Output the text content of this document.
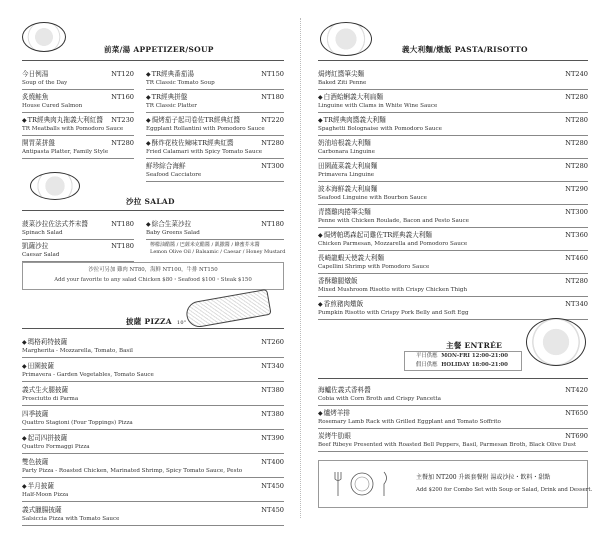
前菜/湯 APPETIZER/SOUP
今日例湯
Soup of the Day
NT120
炙燒鮭魚
House Cured Salmon
NT160
◆TR經典肉丸拖義大利紅醬
TR Meatballs with Pomodoro Sauce
NT230
開胃菜拼盤
Antipasta Platter, Family Style
NT280
◆TR經典番茄湯
TR Classic Tomato Soup
NT150
◆TR經典拼盤
TR Classic Platter
NT180
◆焗烤茄子起司卷佐TR經典紅醬
Eggplant Rollantini with Pomodoro Sauce
NT220
◆酥炸花枝佐辣味TR經典紅醬
Fried Calamari with Spicy Tomato Sauce
NT280
鮮珍綜合海鮮
Seafood Cacciatore
NT300
沙拉 SALAD
菠菜沙拉佐法式芥末醬
Spinach Salad
NT180
凱薩沙拉
Caesar Salad
NT180
◆綜合生菜沙拉
Baby Greens Salad
NT180
檸檬油醋醬 / 巴薩米克醋醬 / 凱撒醬 / 蜂蜜芥末醬
Lemon Olive Oil / Balsamic / Caesar / Honey Mustard
沙拉可另加 雞肉 NT80，海鮮 NT100，牛排 NT150
Add your favorite to any salad Chicken $80・Seafood $100・Steak $150
披薩 PIZZA 10"
◆瑪格莉特披薩
Margherita - Mozzarella, Tomato, Basil
NT260
◆田園披薩
Primavera - Garden Vegetables, Tomato Sauce
NT340
義式生火腿披薩
Prosciutto di Parma
NT380
四季披薩
Quattro Stagioni (Four Toppings) Pizza
NT380
◆起司四拼披薩
Quattro Formaggi Pizza
NT390
雙色披薩
Party Pizza - Roasted Chicken, Marinated Shrimp, Spicy Tomato Sauce, Pesto
NT400
◆半月披薩
Half-Moon Pizza
NT450
義式臘腸披薩
Salsiccia Pizza with Tomato Sauce
NT450
義大利麵/燉飯 PASTA/RISOTTO
焗烤紅醬筆尖麵
Baked Ziti Penne
NT240
◆白酒蛤蜊義大利扁麵
Linguine with Clams in White Wine Sauce
NT280
◆TR經典肉醬義大利麵
Spaghetti Bolognaise with Pomodoro Sauce
NT280
奶油培根義大利麵
Carbonara Linguine
NT280
田園蔬菜義大利扁麵
Primavera Linguine
NT280
波本海鮮義大利扁麵
Seafood Linguine with Bourbon Sauce
NT290
青醬雞肉捲筆尖麵
Penne with Chicken Roulade, Bacon and Pesto Sauce
NT300
◆焗烤帕瑪森起司雞佐TR經典義大利麵
Chicken Parmesan, Mozzarella and Pomodoro Sauce
NT360
長崎龍蝦天使義大利麵
Capellini Shrimp with Pomodoro Sauce
NT460
香酥雞腿燉飯
Mixed Mushroom Risotto with Crispy Chicken Thigh
NT280
◆香煎豬肉燉飯
Pumpkin Risotto with Crispy Pork Belly and Soft Egg
NT340
主餐 ENTRÉE
平日供應 MON-FRI 12:00-21:00
假日供應 HOLIDAY 18:00-21:00
海鱸佐義式香料醬
Cobia with Corn Broth and Crispy Pancetta
NT420
◆爐烤羊排
Rosemary Lamb Rack with Grilled Eggplant and Tomato Soffrito
NT650
炭烤牛肋眼
Beef Ribeye Presented with Roasted Bell Peppers, Basil, Parmesan Broth, Black Olive Dust
NT690
主餐加 NT200 升級套餐附 湯或沙拉・飲料・甜點
Add $200 for Combo Set with Soup or Salad, Drink and Dessert.
